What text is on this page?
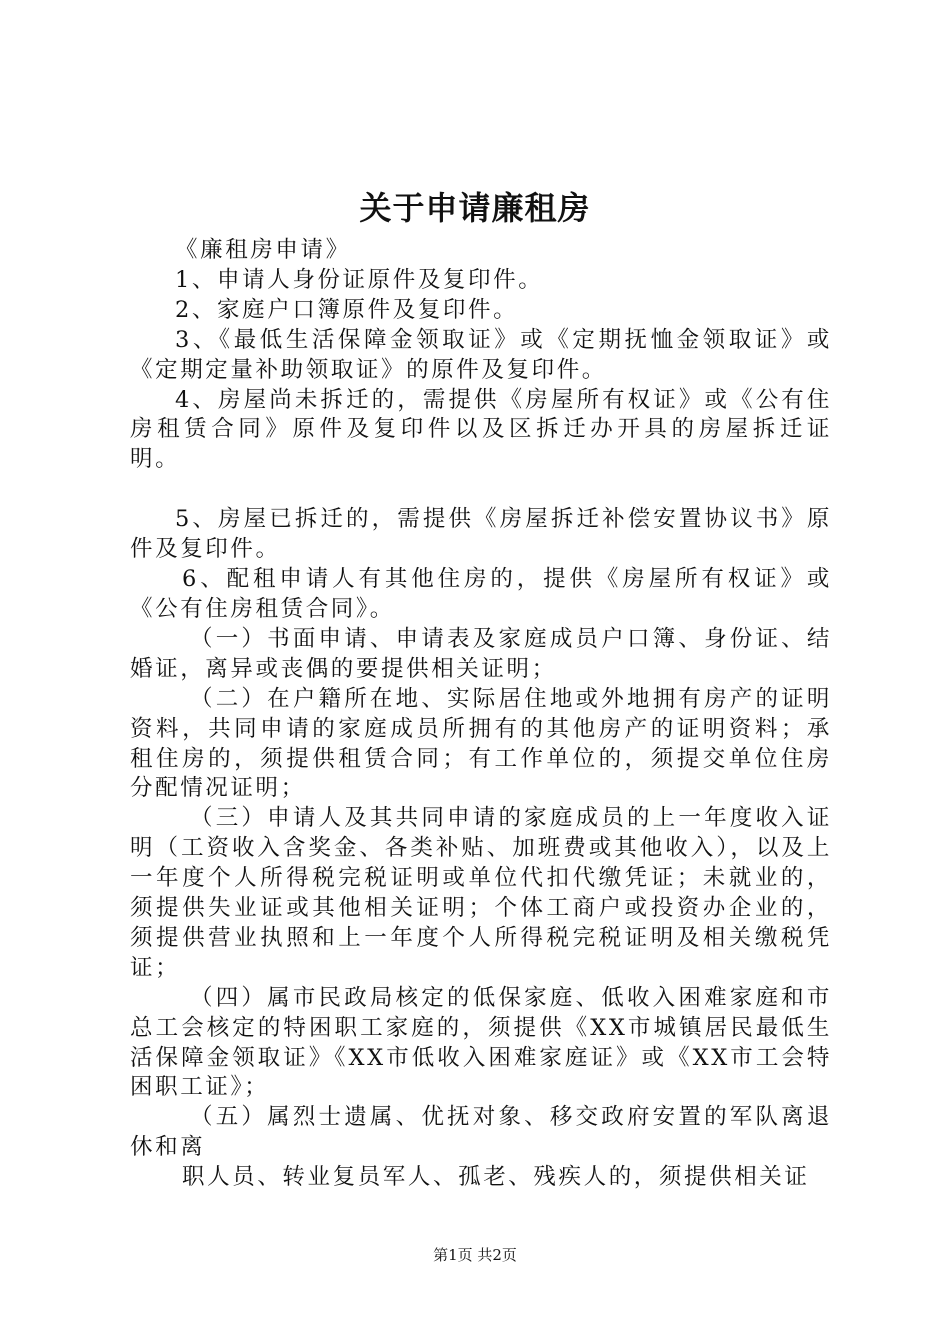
关于申请廉租房

《廉租房申请》

1、申请人身份证原件及复印件。

2、家庭户口簿原件及复印件。

3、《最低生活保障金领取证》或《定期抚恤金领取证》或《定期定量补助领取证》的原件及复印件。

4、房屋尚未拆迁的，需提供《房屋所有权证》或《公有住房租赁合同》原件及复印件以及区拆迁办开具的房屋拆迁证明。

5、房屋已拆迁的，需提供《房屋拆迁补偿安置协议书》原件及复印件。

6、配租申请人有其他住房的，提供《房屋所有权证》或《公有住房租赁合同》。

（一）书面申请、申请表及家庭成员户口簿、身份证、结婚证，离异或丧偶的要提供相关证明；

（二）在户籍所在地、实际居住地或外地拥有房产的证明资料，共同申请的家庭成员所拥有的其他房产的证明资料；承租住房的，须提供租赁合同；有工作单位的，须提交单位住房分配情况证明；

（三）申请人及其共同申请的家庭成员的上一年度收入证明（工资收入含奖金、各类补贴、加班费或其他收入），以及上一年度个人所得税完税证明或单位代扣代缴凭证；未就业的，须提供失业证或其他相关证明；个体工商户或投资办企业的，须提供营业执照和上一年度个人所得税完税证明及相关缴税凭证；

（四）属市民政局核定的低保家庭、低收入困难家庭和市总工会核定的特困职工家庭的，须提供《XX市城镇居民最低生活保障金领取证》《XX市低收入困难家庭证》或《XX市工会特困职工证》；

（五）属烈士遗属、优抚对象、移交政府安置的军队离退休和离

职人员、转业复员军人、孤老、残疾人的，须提供相关证

第1页 共2页
